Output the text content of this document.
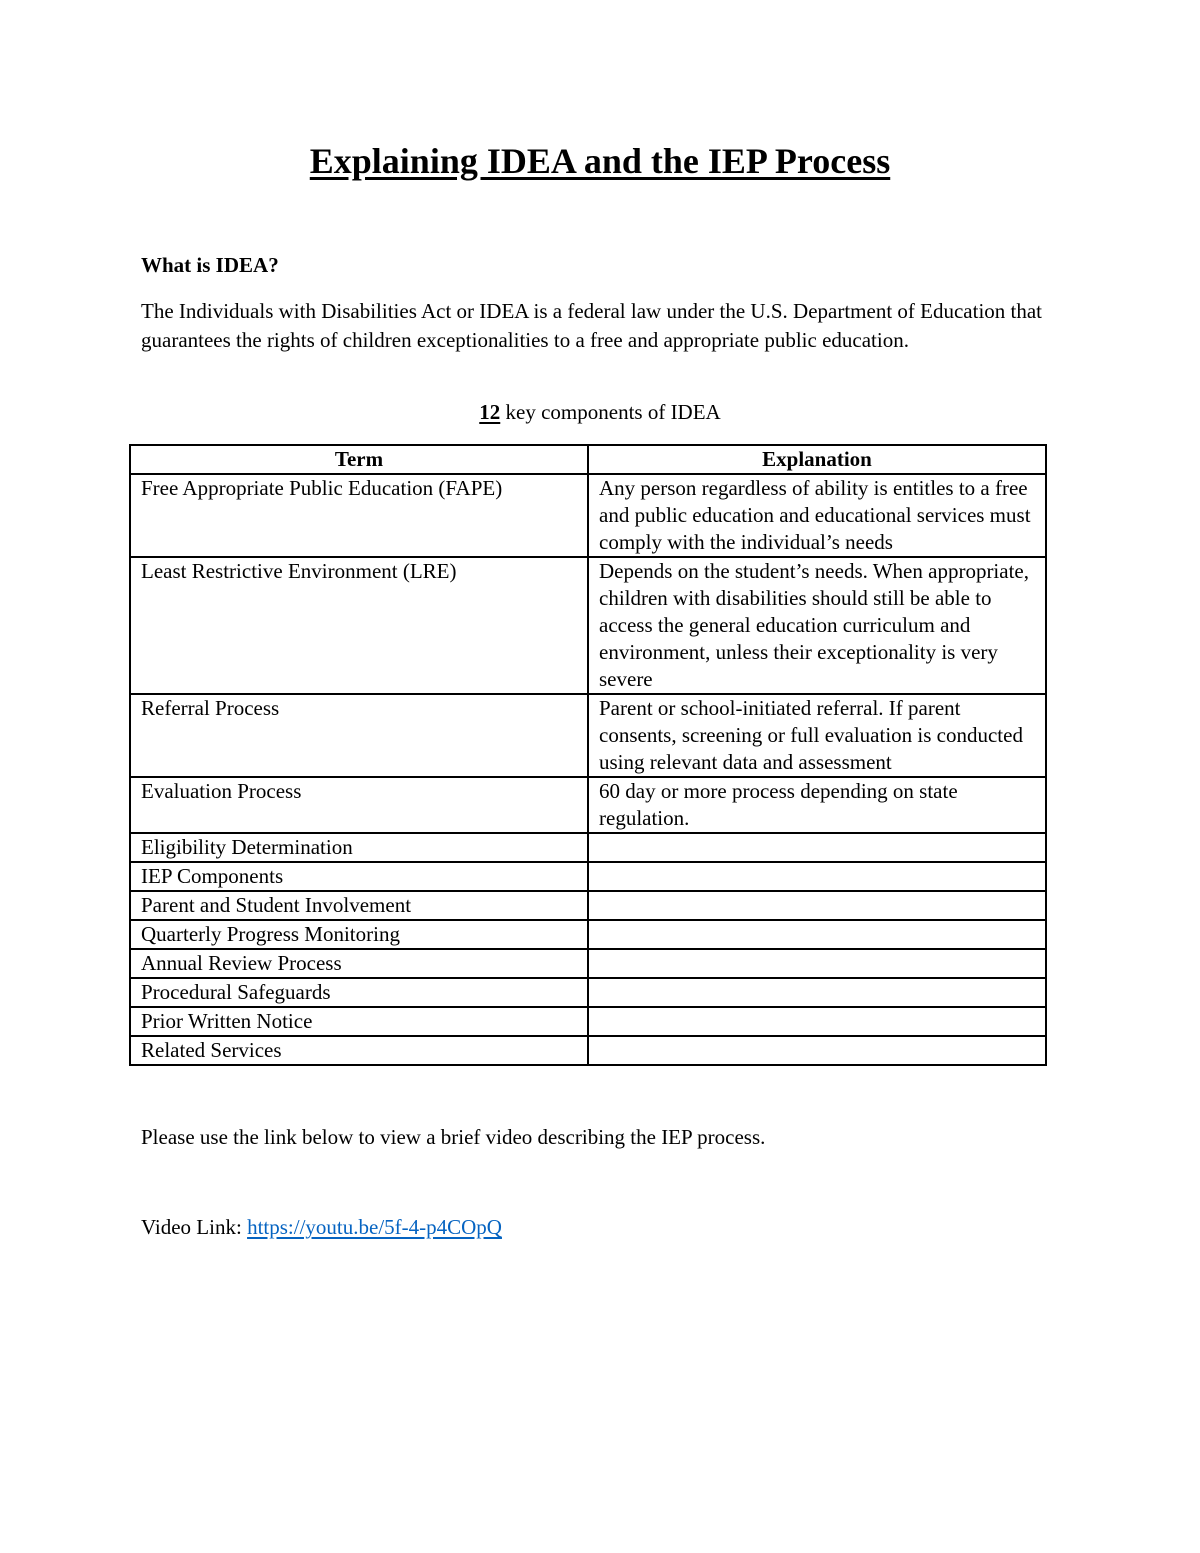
Explaining IDEA and the IEP Process

What is IDEA?

The Individuals with Disabilities Act or IDEA is a federal law under the U.S. Department of Education that guarantees the rights of children exceptionalities to a free and appropriate public education.

12 key components of IDEA

Term	Explanation
Free Appropriate Public Education (FAPE)	Any person regardless of ability is entitles to a free and public education and educational services must comply with the individual’s needs
Least Restrictive Environment (LRE)	Depends on the student’s needs. When appropriate, children with disabilities should still be able to access the general education curriculum and environment, unless their exceptionality is very severe
Referral Process	Parent or school-initiated referral. If parent consents, screening or full evaluation is conducted using relevant data and assessment
Evaluation Process	60 day or more process depending on state regulation.
Eligibility Determination	
IEP Components	
Parent and Student Involvement	
Quarterly Progress Monitoring	
Annual Review Process	
Procedural Safeguards	
Prior Written Notice	
Related Services	

Please use the link below to view a brief video describing the IEP process.

Video Link: https://youtu.be/5f-4-p4COpQ
